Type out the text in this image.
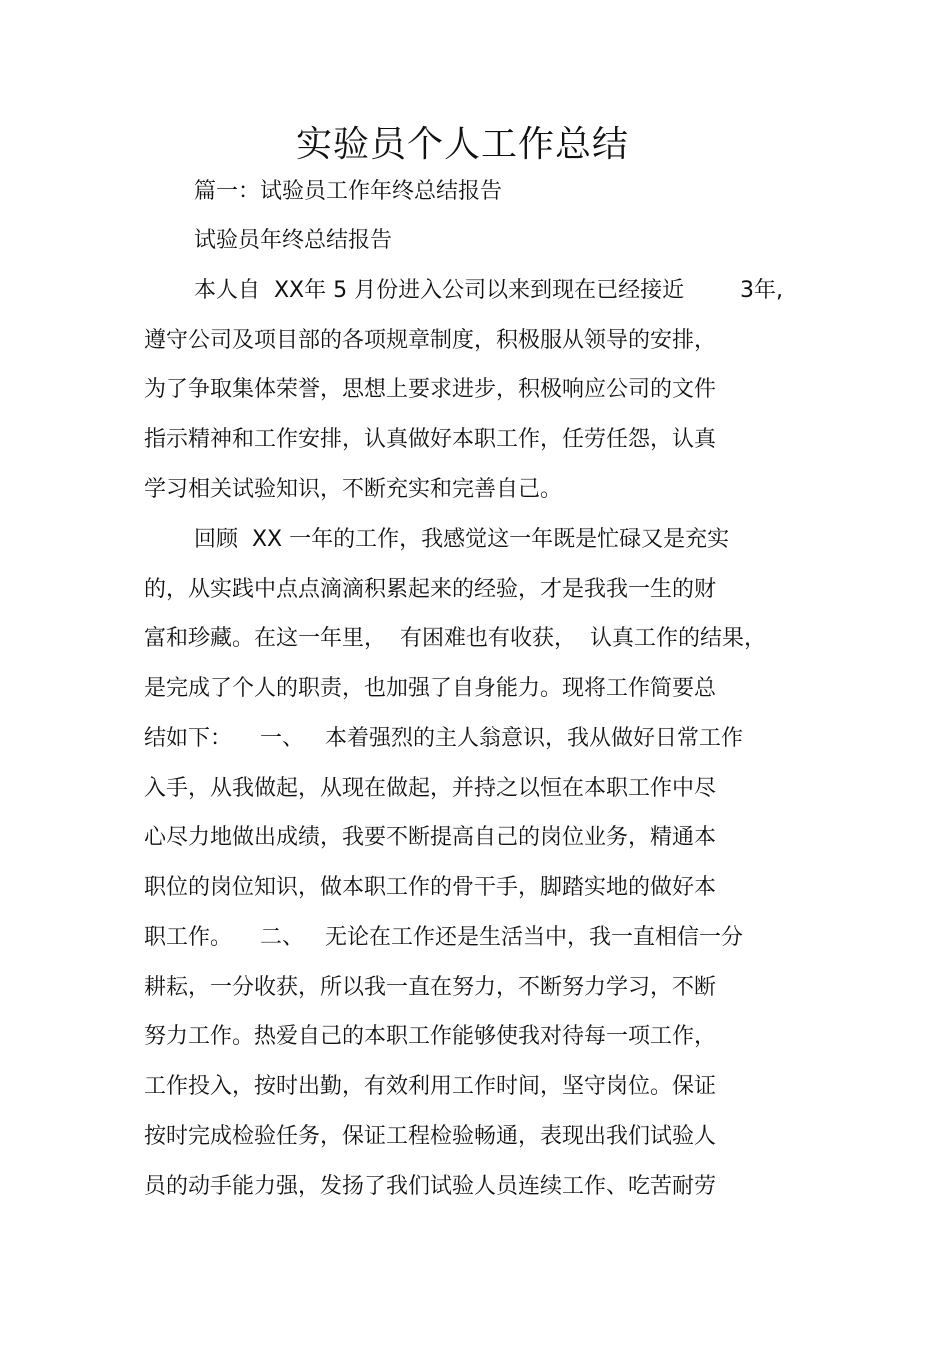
实验员个人工作总结
篇一：试验员工作年终总结报告
试验员年终总结报告
本人自  XX年 5 月份进入公司以来到现在已经接近        3年,
遵守公司及项目部的各项规章制度，积极服从领导的安排，
为了争取集体荣誉，思想上要求进步，积极响应公司的文件
指示精神和工作安排，认真做好本职工作，任劳任怨，认真
学习相关试验知识，不断充实和完善自己。
回顾  XX 一年的工作，我感觉这一年既是忙碌又是充实
的，从实践中点点滴滴积累起来的经验，才是我我一生的财
富和珍藏。在这一年里，  有困难也有收获，  认真工作的结果，
是完成了个人的职责，也加强了自身能力。现将工作简要总
结如下：    一、   本着强烈的主人翁意识，我从做好日常工作
入手，从我做起，从现在做起，并持之以恒在本职工作中尽
心尽力地做出成绩，我要不断提高自己的岗位业务，精通本
职位的岗位知识，做本职工作的骨干手，脚踏实地的做好本
职工作。    二、   无论在工作还是生活当中，我一直相信一分
耕耘，一分收获，所以我一直在努力，不断努力学习，不断
努力工作。热爱自己的本职工作能够使我对待每一项工作，
工作投入，按时出勤，有效利用工作时间，坚守岗位。保证
按时完成检验任务，保证工程检验畅通，表现出我们试验人
员的动手能力强，发扬了我们试验人员连续工作、吃苦耐劳
